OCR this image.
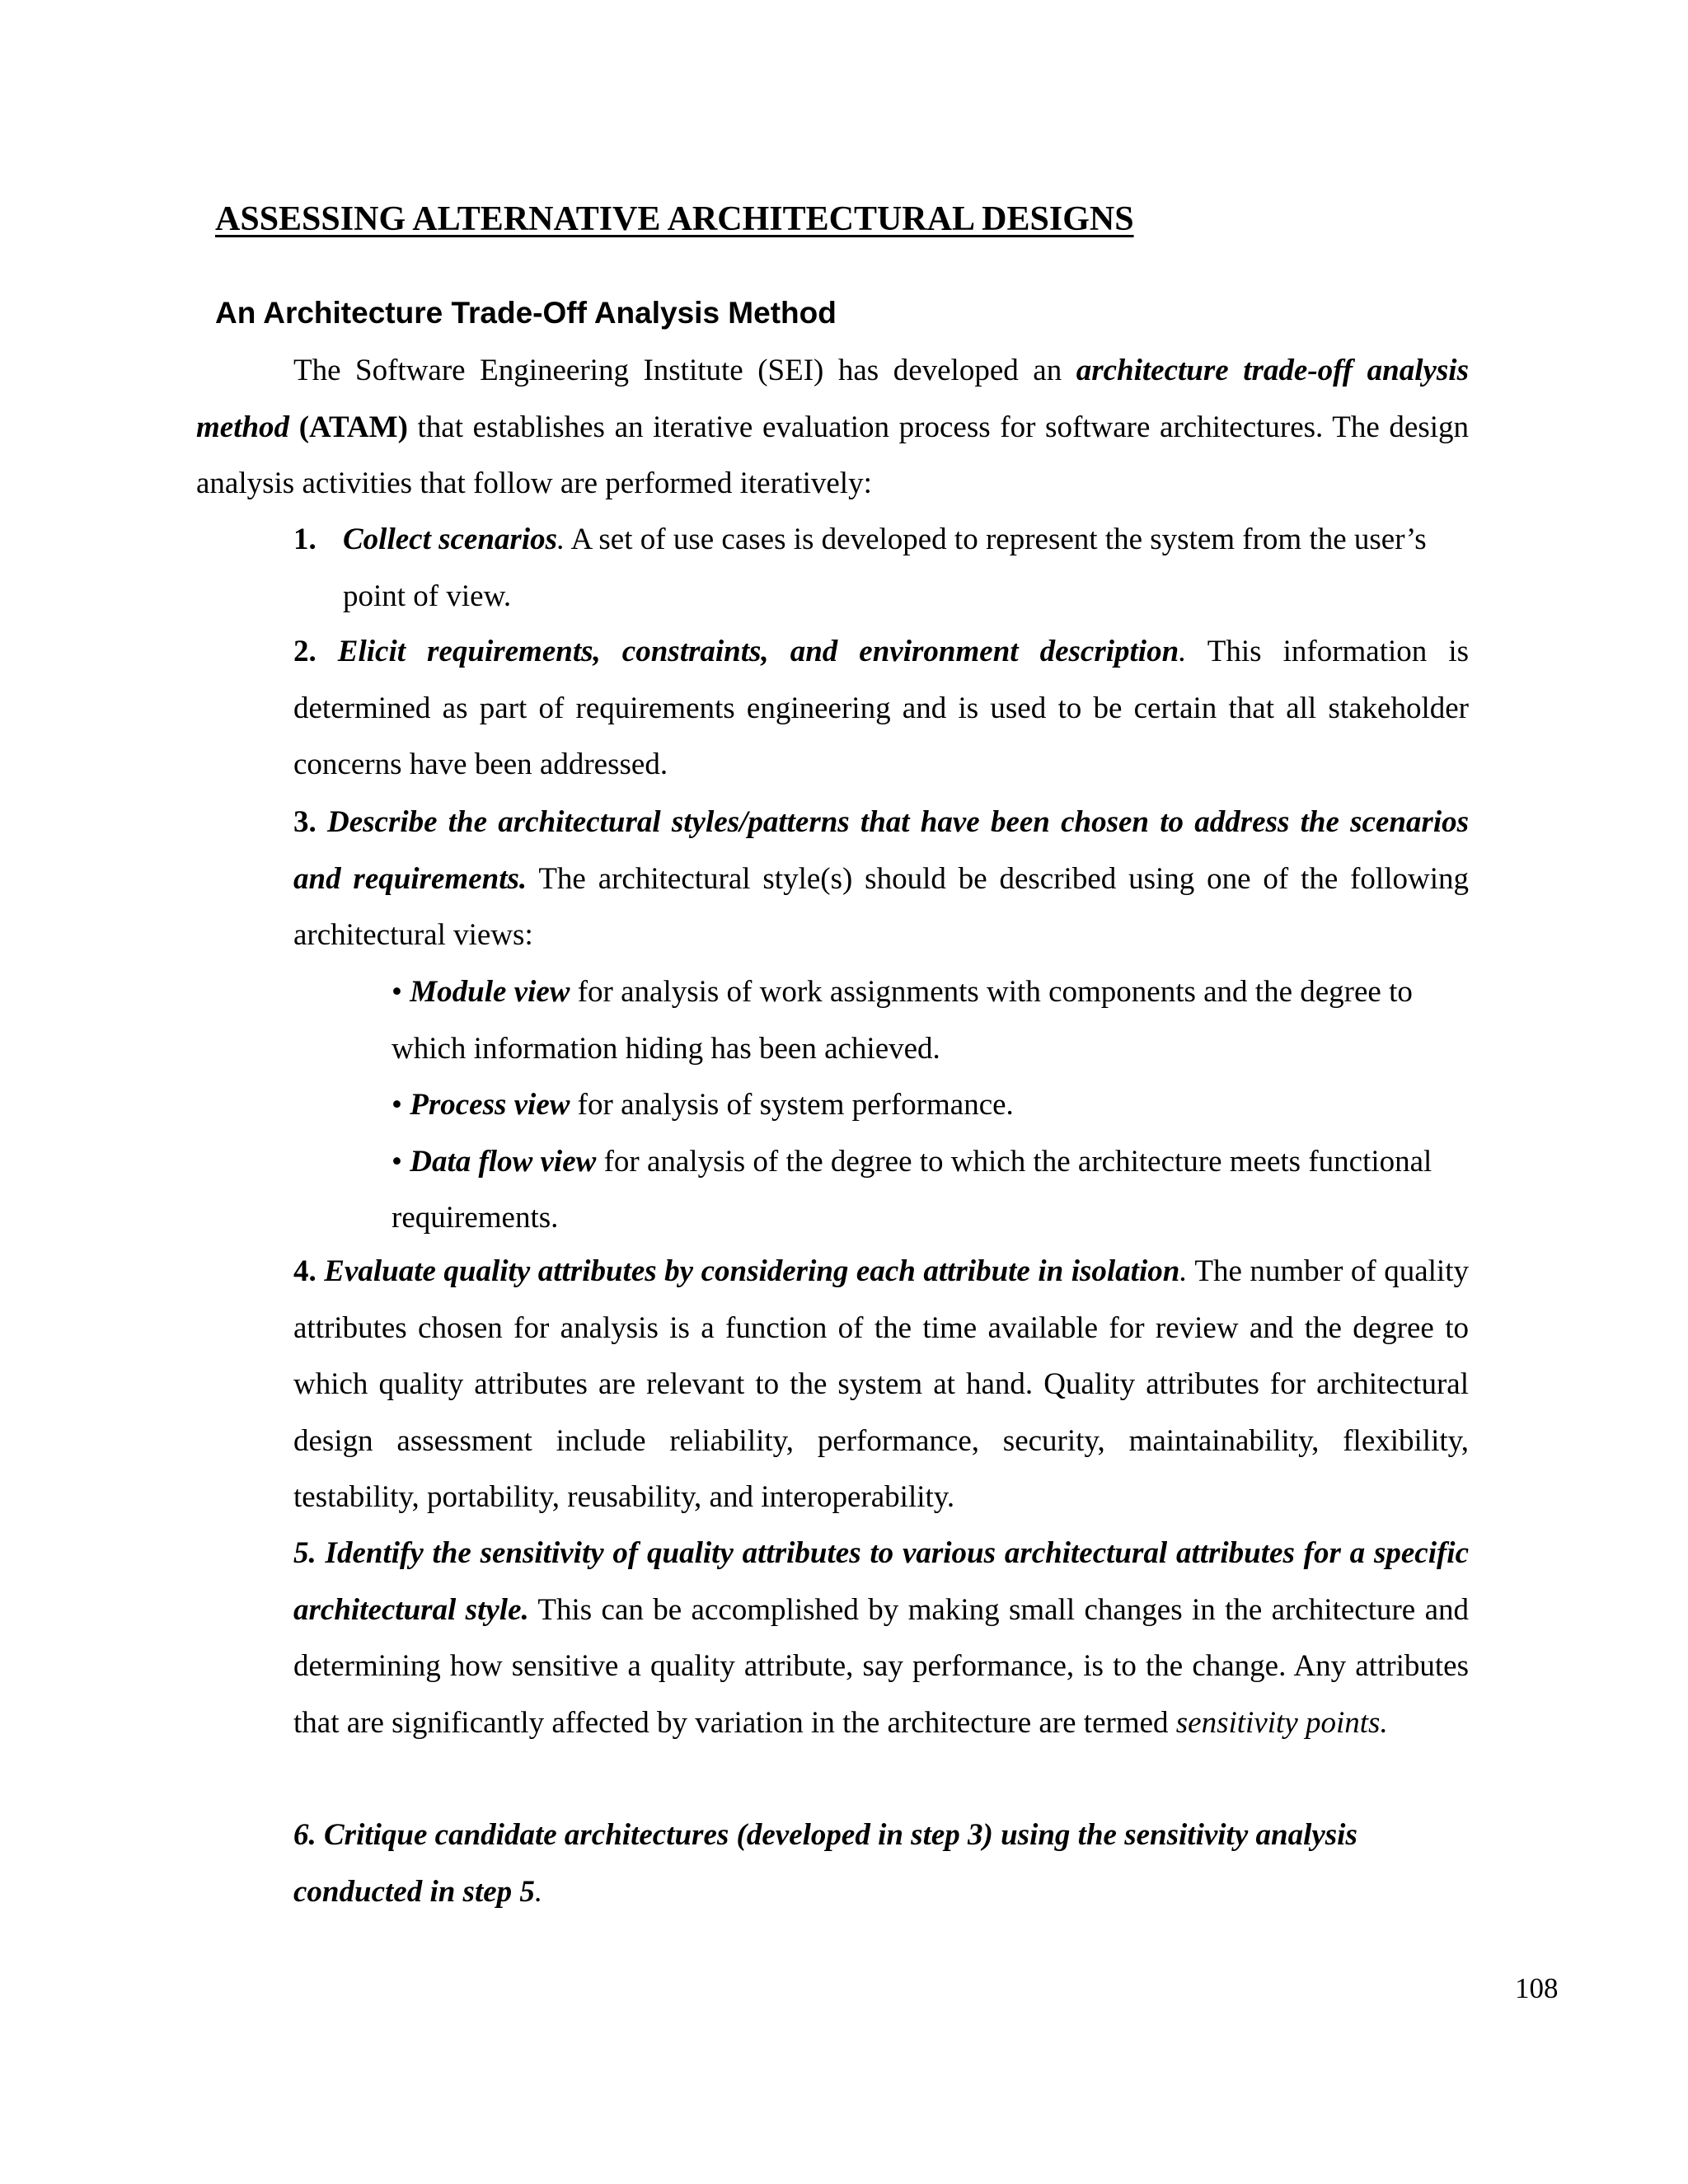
ASSESSING ALTERNATIVE ARCHITECTURAL DESIGNS
An Architecture Trade-Off Analysis Method

The Software Engineering Institute (SEI) has developed an architecture trade-off analysis method (ATAM) that establishes an iterative evaluation process for software architectures. The design analysis activities that follow are performed iteratively:

1. Collect scenarios. A set of use cases is developed to represent the system from the user’s point of view.

2. Elicit requirements, constraints, and environment description. This information is determined as part of requirements engineering and is used to be certain that all stakeholder concerns have been addressed.

3. Describe the architectural styles/patterns that have been chosen to address the scenarios and requirements. The architectural style(s) should be described using one of the following architectural views:

• Module view for analysis of work assignments with components and the degree to which information hiding has been achieved.

• Process view for analysis of system performance.

• Data flow view for analysis of the degree to which the architecture meets functional requirements.

4. Evaluate quality attributes by considering each attribute in isolation. The number of quality attributes chosen for analysis is a function of the time available for review and the degree to which quality attributes are relevant to the system at hand. Quality attributes for architectural design assessment include reliability, performance, security, maintainability, flexibility, testability, portability, reusability, and interoperability.

5. Identify the sensitivity of quality attributes to various architectural attributes for a specific architectural style. This can be accomplished by making small changes in the architecture and determining how sensitive a quality attribute, say performance, is to the change. Any attributes that are significantly affected by variation in the architecture are termed sensitivity points.

6. Critique candidate architectures (developed in step 3) using the sensitivity analysis conducted in step 5.

108
